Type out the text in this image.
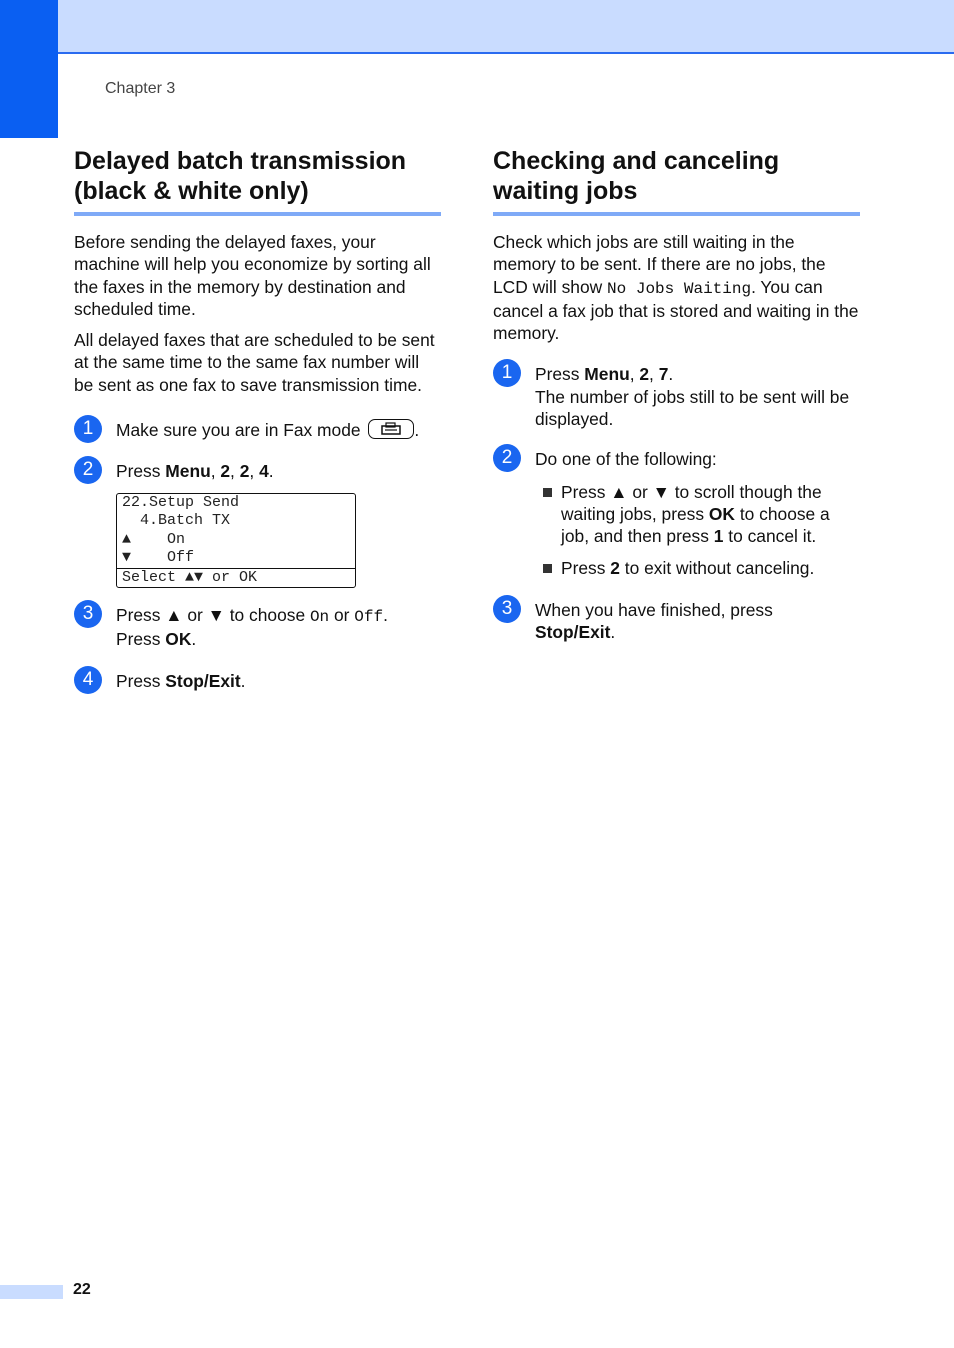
Chapter 3
Delayed batch transmission
(black & white only)

Before sending the delayed faxes, your machine will help you economize by sorting all the faxes in the memory by destination and scheduled time.

All delayed faxes that are scheduled to be sent at the same time to the same fax number will be sent as one fax to save transmission time.

1	Make sure you are in Fax mode	.
2	Press Menu, 2, 2, 4.
22.Setup Send
4.Batch TX
▲    On
▼    Off
Select ▲▼ or OK
3	Press ▲ or ▼ to choose On or Off.
Press OK.
4	Press Stop/Exit.
Checking and canceling
waiting jobs

Check which jobs are still waiting in the memory to be sent. If there are no jobs, the LCD will show No Jobs Waiting. You can cancel a fax job that is stored and waiting in the memory.

1	Press Menu, 2, 7.
The number of jobs still to be sent will be displayed.
2	Do one of the following:
Press ▲ or ▼ to scroll though the waiting jobs, press OK to choose a job, and then press 1 to cancel it.
Press 2 to exit without canceling.
3	When you have finished, press
Stop/Exit.
22
